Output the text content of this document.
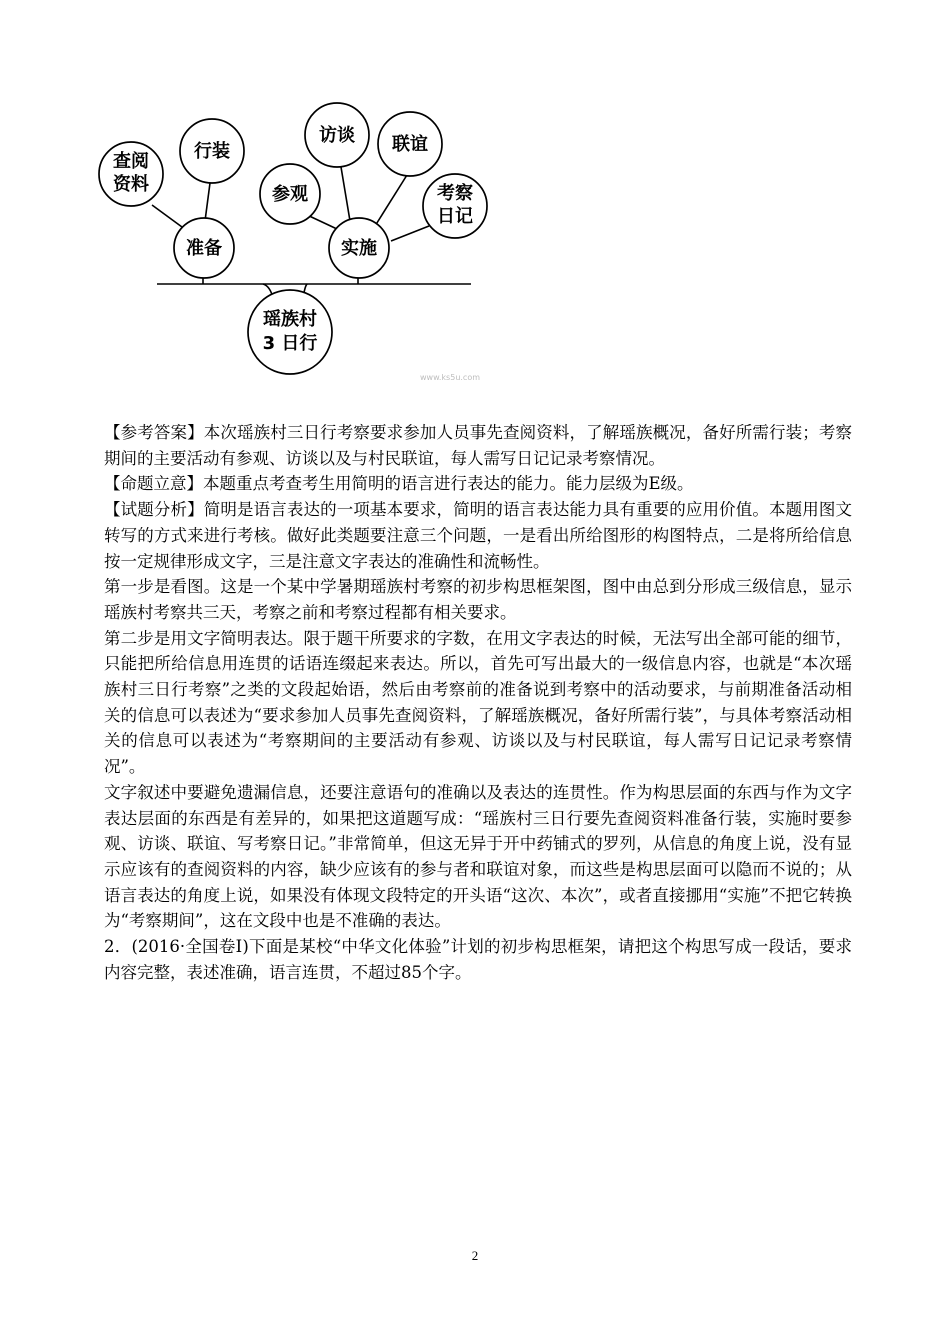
瑶族村
3 日行
准备	实施
查阅
资料
行装
参观
访谈 联谊
考察
日记
www.ks5u.com

【参考答案】本次瑶族村三日行考察要求参加人员事先查阅资料，了解瑶族概况，备好所需行装；考察期间的主要活动有参观、访谈以及与村民联谊，每人需写日记记录考察情况。

【命题立意】本题重点考查考生用简明的语言进行表达的能力。能力层级为E级。

【试题分析】简明是语言表达的一项基本要求，简明的语言表达能力具有重要的应用价值。本题用图文转写的方式来进行考核。做好此类题要注意三个问题，一是看出所给图形的构图特点，二是将所给信息按一定规律形成文字，三是注意文字表达的准确性和流畅性。

第一步是看图。这是一个某中学暑期瑶族村考察的初步构思框架图，图中由总到分形成三级信息，显示瑶族村考察共三天，考察之前和考察过程都有相关要求。

第二步是用文字简明表达。限于题干所要求的字数，在用文字表达的时候，无法写出全部可能的细节，只能把所给信息用连贯的话语连缀起来表达。所以，首先可写出最大的一级信息内容，也就是“本次瑶族村三日行考察”之类的文段起始语，然后由考察前的准备说到考察中的活动要求，与前期准备活动相关的信息可以表述为“要求参加人员事先查阅资料，了解瑶族概况，备好所需行装”，与具体考察活动相关的信息可以表述为“考察期间的主要活动有参观、访谈以及与村民联谊，每人需写日记记录考察情况”。

文字叙述中要避免遗漏信息，还要注意语句的准确以及表达的连贯性。作为构思层面的东西与作为文字表达层面的东西是有差异的，如果把这道题写成：“瑶族村三日行要先查阅资料准备行装，实施时要参观、访谈、联谊、写考察日记。”非常简单，但这无异于开中药铺式的罗列，从信息的角度上说，没有显示应该有的查阅资料的内容，缺少应该有的参与者和联谊对象，而这些是构思层面可以隐而不说的；从语言表达的角度上说，如果没有体现文段特定的开头语“这次、本次”，或者直接挪用“实施”不把它转换为“考察期间”，这在文段中也是不准确的表达。

2．(2016·全国卷Ⅰ)下面是某校“中华文化体验”计划的初步构思框架，请把这个构思写成一段话，要求内容完整，表述准确，语言连贯，不超过85个字。

2
